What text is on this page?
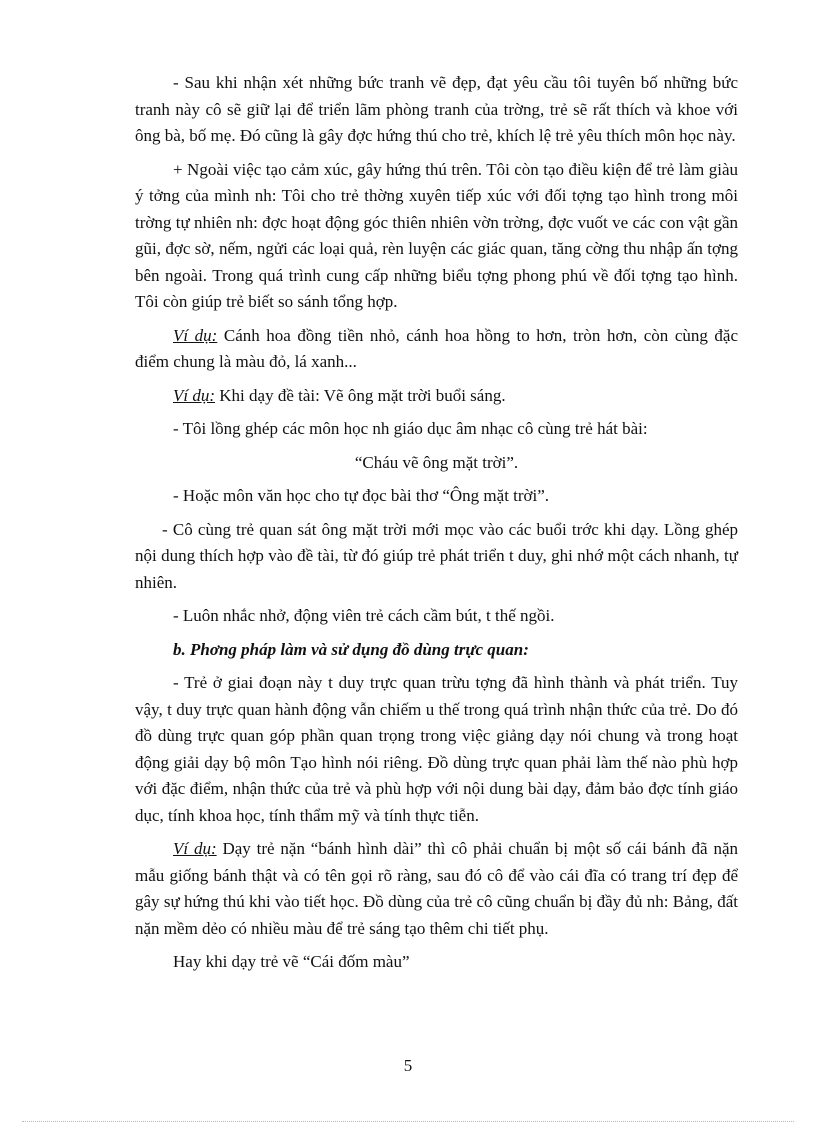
- Sau khi nhận xét những bức tranh vẽ đẹp, đạt yêu cầu tôi tuyên bố những bức tranh này cô sẽ giữ lại để triển lãm phòng tranh của trờng, trẻ sẽ rất thích và khoe với ông bà, bố mẹ. Đó cũng là gây đợc hứng thú cho trẻ, khích lệ trẻ yêu thích môn học này.

+ Ngoài việc tạo cảm xúc, gây hứng thú trên. Tôi còn tạo điều kiện để trẻ làm giàu ý tởng của mình nh: Tôi cho trẻ thờng xuyên tiếp xúc với đối tợng tạo hình trong môi trờng tự nhiên nh: đợc hoạt động góc thiên nhiên vờn trờng, đợc vuốt ve các con vật gần gũi, đợc sờ, nếm, ngửi các loại quả, rèn luyện các giác quan, tăng cờng thu nhập ấn tợng bên ngoài. Trong quá trình cung cấp những biểu tợng phong phú về đối tợng tạo hình. Tôi còn giúp trẻ biết so sánh tổng hợp.

Ví dụ: Cánh hoa đồng tiền nhỏ, cánh hoa hồng to hơn, tròn hơn, còn cùng đặc điểm chung là màu đỏ, lá xanh...

Ví dụ: Khi dạy đề tài: Vẽ ông mặt trời buổi sáng.

- Tôi lồng ghép các môn học nh giáo dục âm nhạc cô cùng trẻ hát bài:

“Cháu vẽ ông mặt trời”.

- Hoặc môn văn học cho tự đọc bài thơ “Ông mặt trời”.

- Cô cùng trẻ quan sát ông mặt trời mới mọc vào các buổi trớc khi dạy. Lồng ghép nội dung thích hợp vào đề tài, từ đó giúp trẻ phát triển t duy, ghi nhớ một cách nhanh, tự nhiên.

- Luôn nhắc nhở, động viên trẻ cách cầm bút, t thế ngồi.

b. Phơng pháp làm và sử dụng đồ dùng trực quan:

- Trẻ ở giai đoạn này t duy trực quan trừu tợng đã hình thành và phát triển. Tuy vậy, t duy trực quan hành động vẫn chiếm u thế trong quá trình nhận thức của trẻ. Do đó đồ dùng trực quan góp phần quan trọng trong việc giảng dạy nói chung và trong hoạt động giải dạy bộ môn Tạo hình nói riêng. Đồ dùng trực quan phải làm thế nào phù hợp với đặc điểm, nhận thức của trẻ và phù hợp với nội dung bài dạy, đảm bảo đợc tính giáo dục, tính khoa học, tính thẩm mỹ và tính thực tiễn.

Ví dụ: Dạy trẻ nặn “bánh hình dài” thì cô phải chuẩn bị một số cái bánh đã nặn mẫu giống bánh thật và có tên gọi rõ ràng, sau đó cô để vào cái đĩa có trang trí đẹp để gây sự hứng thú khi vào tiết học. Đồ dùng của trẻ cô cũng chuẩn bị đầy đủ nh: Bảng, đất nặn mềm dẻo có nhiều màu để trẻ sáng tạo thêm chi tiết phụ.

Hay khi dạy trẻ vẽ “Cái đốm màu”

5
